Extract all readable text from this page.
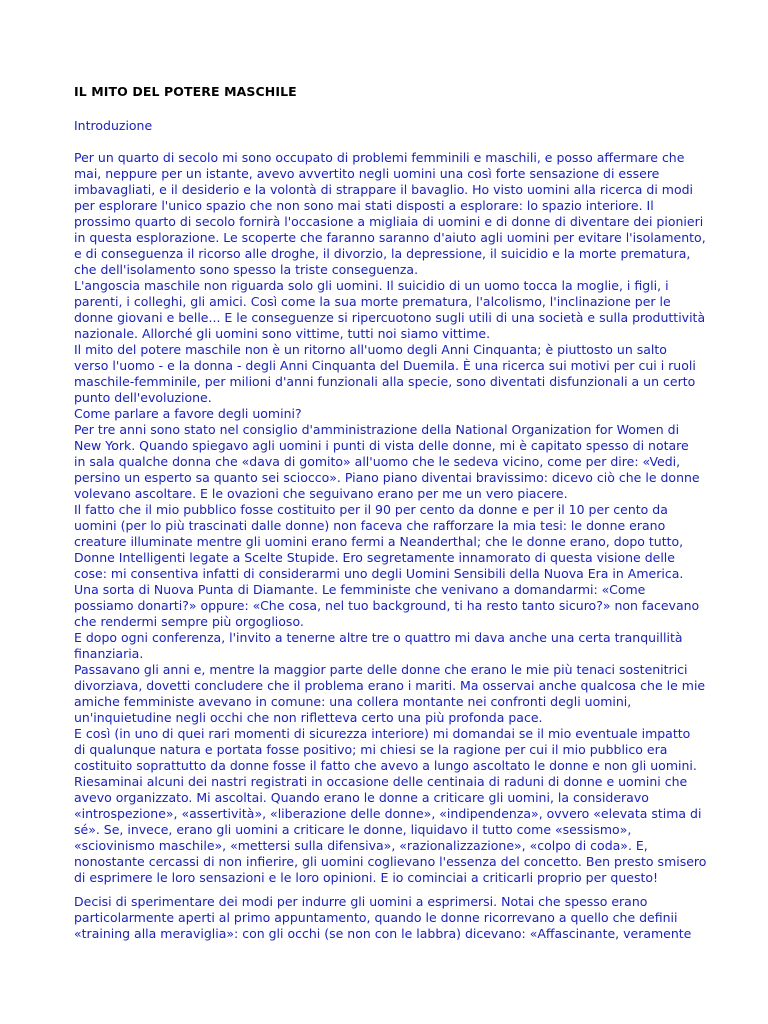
IL MITO DEL POTERE MASCHILE
Introduzione

Per un quarto di secolo mi sono occupato di problemi femminili e maschili, e posso affermare che
mai, neppure per un istante, avevo avvertito negli uomini una così forte sensazione di essere
imbavagliati, e il desiderio e la volontà di strappare il bavaglio. Ho visto uomini alla ricerca di modi
per esplorare l'unico spazio che non sono mai stati disposti a esplorare: lo spazio interiore. Il
prossimo quarto di secolo fornirà l'occasione a migliaia di uomini e di donne di diventare dei pionieri
in questa esplorazione. Le scoperte che faranno saranno d'aiuto agli uomini per evitare l'isolamento,
e di conseguenza il ricorso alle droghe, il divorzio, la depressione, il suicidio e la morte prematura,
che dell'isolamento sono spesso la triste conseguenza.
L'angoscia maschile non riguarda solo gli uomini. Il suicidio di un uomo tocca la moglie, i figli, i
parenti, i colleghi, gli amici. Così come la sua morte prematura, l'alcolismo, l'inclinazione per le
donne giovani e belle... E le conseguenze si ripercuotono sugli utili di una società e sulla produttività
nazionale. Allorché gli uomini sono vittime, tutti noi siamo vittime.
Il mito del potere maschile non è un ritorno all'uomo degli Anni Cinquanta; è piuttosto un salto
verso l'uomo - e la donna - degli Anni Cinquanta del Duemila. È una ricerca sui motivi per cui i ruoli
maschile-femminile, per milioni d'anni funzionali alla specie, sono diventati disfunzionali a un certo
punto dell'evoluzione.
Come parlare a favore degli uomini?
Per tre anni sono stato nel consiglio d'amministrazione della National Organization for Women di
New York. Quando spiegavo agli uomini i punti di vista delle donne, mi è capitato spesso di notare
in sala qualche donna che «dava di gomito» all'uomo che le sedeva vicino, come per dire: «Vedi,
persino un esperto sa quanto sei sciocco». Piano piano diventai bravissimo: dicevo ciò che le donne
volevano ascoltare. E le ovazioni che seguivano erano per me un vero piacere.
Il fatto che il mio pubblico fosse costituito per il 90 per cento da donne e per il 10 per cento da
uomini (per lo più trascinati dalle donne) non faceva che rafforzare la mia tesi: le donne erano
creature illuminate mentre gli uomini erano fermi a Neanderthal; che le donne erano, dopo tutto,
Donne Intelligenti legate a Scelte Stupide. Ero segretamente innamorato di questa visione delle
cose: mi consentiva infatti di considerarmi uno degli Uomini Sensibili della Nuova Era in America.
Una sorta di Nuova Punta di Diamante. Le femministe che venivano a domandarmi: «Come
possiamo donarti?» oppure: «Che cosa, nel tuo background, ti ha resto tanto sicuro?» non facevano
che rendermi sempre più orgoglioso.
E dopo ogni conferenza, l'invito a tenerne altre tre o quattro mi dava anche una certa tranquillità
finanziaria.
Passavano gli anni e, mentre la maggior parte delle donne che erano le mie più tenaci sostenitrici
divorziava, dovetti concludere che il problema erano i mariti. Ma osservai anche qualcosa che le mie
amiche femministe avevano in comune: una collera montante nei confronti degli uomini,
un'inquietudine negli occhi che non rifletteva certo una più profonda pace.
E così (in uno di quei rari momenti di sicurezza interiore) mi domandai se il mio eventuale impatto
di qualunque natura e portata fosse positivo; mi chiesi se la ragione per cui il mio pubblico era
costituito soprattutto da donne fosse il fatto che avevo a lungo ascoltato le donne e non gli uomini.
Riesaminai alcuni dei nastri registrati in occasione delle centinaia di raduni di donne e uomini che
avevo organizzato. Mi ascoltai. Quando erano le donne a criticare gli uomini, la consideravo
«introspezione», «assertività», «liberazione delle donne», «indipendenza», ovvero «elevata stima di
sé». Se, invece, erano gli uomini a criticare le donne, liquidavo il tutto come «sessismo»,
«sciovinismo maschile», «mettersi sulla difensiva», «razionalizzazione», «colpo di coda». E,
nonostante cercassi di non infierire, gli uomini coglievano l'essenza del concetto. Ben presto smisero
di esprimere le loro sensazioni e le loro opinioni. E io cominciai a criticarli proprio per questo!

Decisi di sperimentare dei modi per indurre gli uomini a esprimersi. Notai che spesso erano
particolarmente aperti al primo appuntamento, quando le donne ricorrevano a quello che definii
«training alla meraviglia»: con gli occhi (se non con le labbra) dicevano: «Affascinante, veramente
